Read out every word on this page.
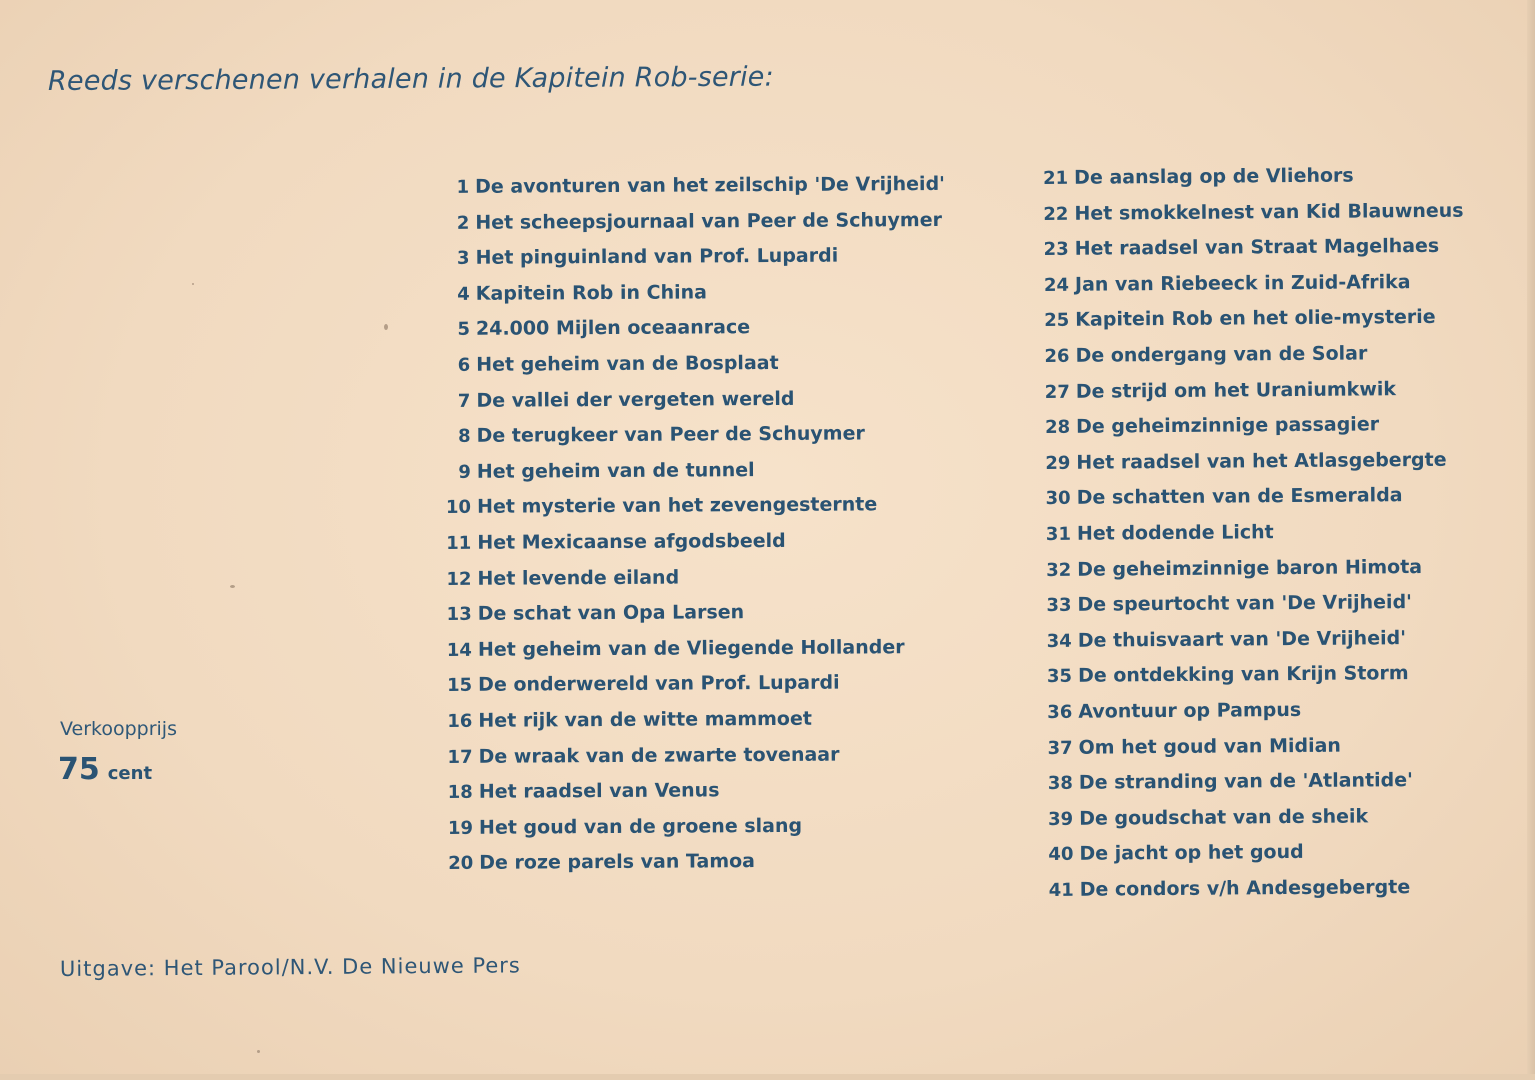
Reeds verschenen verhalen in de Kapitein Rob-serie:
1 De avonturen van het zeilschip 'De Vrijheid'
2 Het scheepsjournaal van Peer de Schuymer
3 Het pinguinland van Prof. Lupardi
4 Kapitein Rob in China
5 24.000 Mijlen oceaanrace
6 Het geheim van de Bosplaat
7 De vallei der vergeten wereld
8 De terugkeer van Peer de Schuymer
9 Het geheim van de tunnel
10 Het mysterie van het zevengesternte
11 Het Mexicaanse afgodsbeeld
12 Het levende eiland
13 De schat van Opa Larsen
14 Het geheim van de Vliegende Hollander
15 De onderwereld van Prof. Lupardi
16 Het rijk van de witte mammoet
17 De wraak van de zwarte tovenaar
18 Het raadsel van Venus
19 Het goud van de groene slang
20 De roze parels van Tamoa
21 De aanslag op de Vliehors
22 Het smokkelnest van Kid Blauwneus
23 Het raadsel van Straat Magelhaes
24 Jan van Riebeeck in Zuid-Afrika
25 Kapitein Rob en het olie-mysterie
26 De ondergang van de Solar
27 De strijd om het Uraniumkwik
28 De geheimzinnige passagier
29 Het raadsel van het Atlasgebergte
30 De schatten van de Esmeralda
31 Het dodende Licht
32 De geheimzinnige baron Himota
33 De speurtocht van 'De Vrijheid'
34 De thuisvaart van 'De Vrijheid'
35 De ontdekking van Krijn Storm
36 Avontuur op Pampus
37 Om het goud van Midian
38 De stranding van de 'Atlantide'
39 De goudschat van de sheik
40 De jacht op het goud
41 De condors v/h Andesgebergte
Verkoopprijs
75 cent
Uitgave: Het Parool/N.V. De Nieuwe Pers
